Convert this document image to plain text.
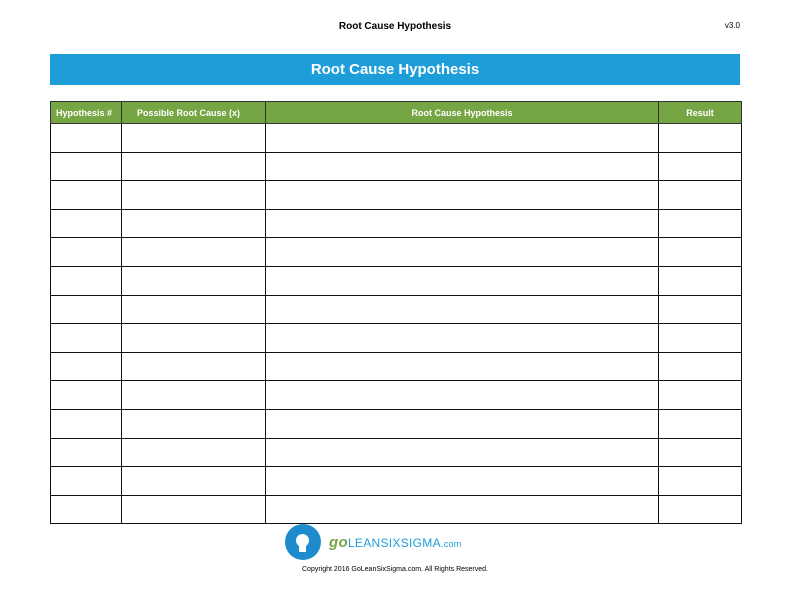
Root Cause Hypothesis	v3.0
Root Cause Hypothesis
Hypothesis #	Possible Root Cause (x)	Root Cause Hypothesis	Result

goLEANSIXSIGMA.com
Copyright 2016 GoLeanSixSigma.com. All Rights Reserved.
